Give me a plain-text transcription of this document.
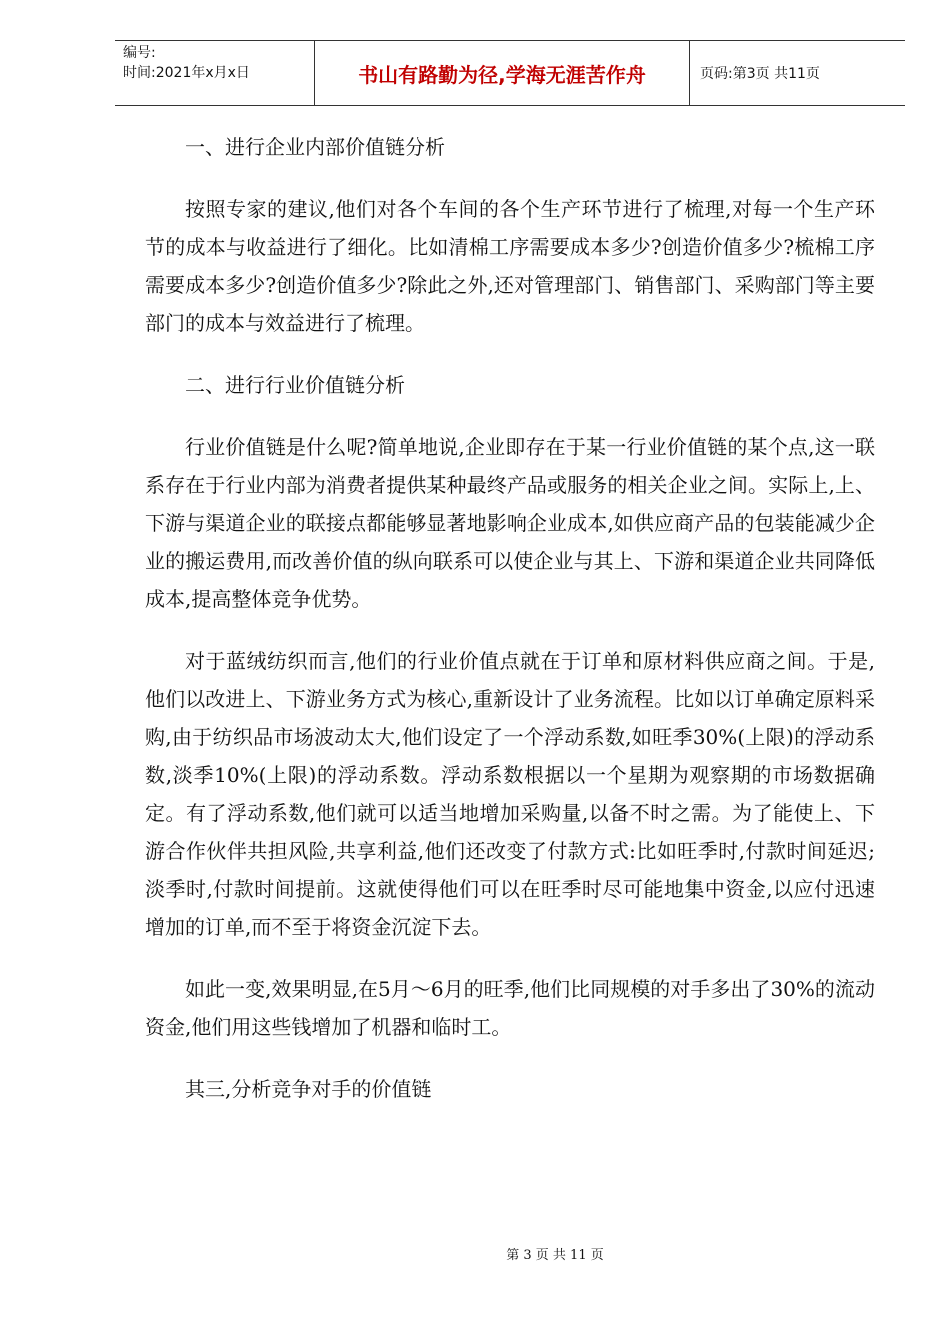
编号:
时间:2021年x月x日	书山有路勤为径,学海无涯苦作舟	页码:第3页 共11页

一、进行企业内部价值链分析

按照专家的建议,他们对各个车间的各个生产环节进行了梳理,对每一个生产环节的成本与收益进行了细化。比如清棉工序需要成本多少?创造价值多少?梳棉工序需要成本多少?创造价值多少?除此之外,还对管理部门、销售部门、采购部门等主要部门的成本与效益进行了梳理。

二、进行行业价值链分析

行业价值链是什么呢?简单地说,企业即存在于某一行业价值链的某个点,这一联系存在于行业内部为消费者提供某种最终产品或服务的相关企业之间。实际上,上、下游与渠道企业的联接点都能够显著地影响企业成本,如供应商产品的包装能减少企业的搬运费用,而改善价值的纵向联系可以使企业与其上、下游和渠道企业共同降低成本,提高整体竞争优势。

对于蓝绒纺织而言,他们的行业价值点就在于订单和原材料供应商之间。于是,他们以改进上、下游业务方式为核心,重新设计了业务流程。比如以订单确定原料采购,由于纺织品市场波动太大,他们设定了一个浮动系数,如旺季30%(上限)的浮动系数,淡季10%(上限)的浮动系数。浮动系数根据以一个星期为观察期的市场数据确定。有了浮动系数,他们就可以适当地增加采购量,以备不时之需。为了能使上、下游合作伙伴共担风险,共享利益,他们还改变了付款方式:比如旺季时,付款时间延迟;淡季时,付款时间提前。这就使得他们可以在旺季时尽可能地集中资金,以应付迅速增加的订单,而不至于将资金沉淀下去。

如此一变,效果明显,在5月～6月的旺季,他们比同规模的对手多出了30%的流动资金,他们用这些钱增加了机器和临时工。

其三,分析竞争对手的价值链

第 3 页 共 11 页
